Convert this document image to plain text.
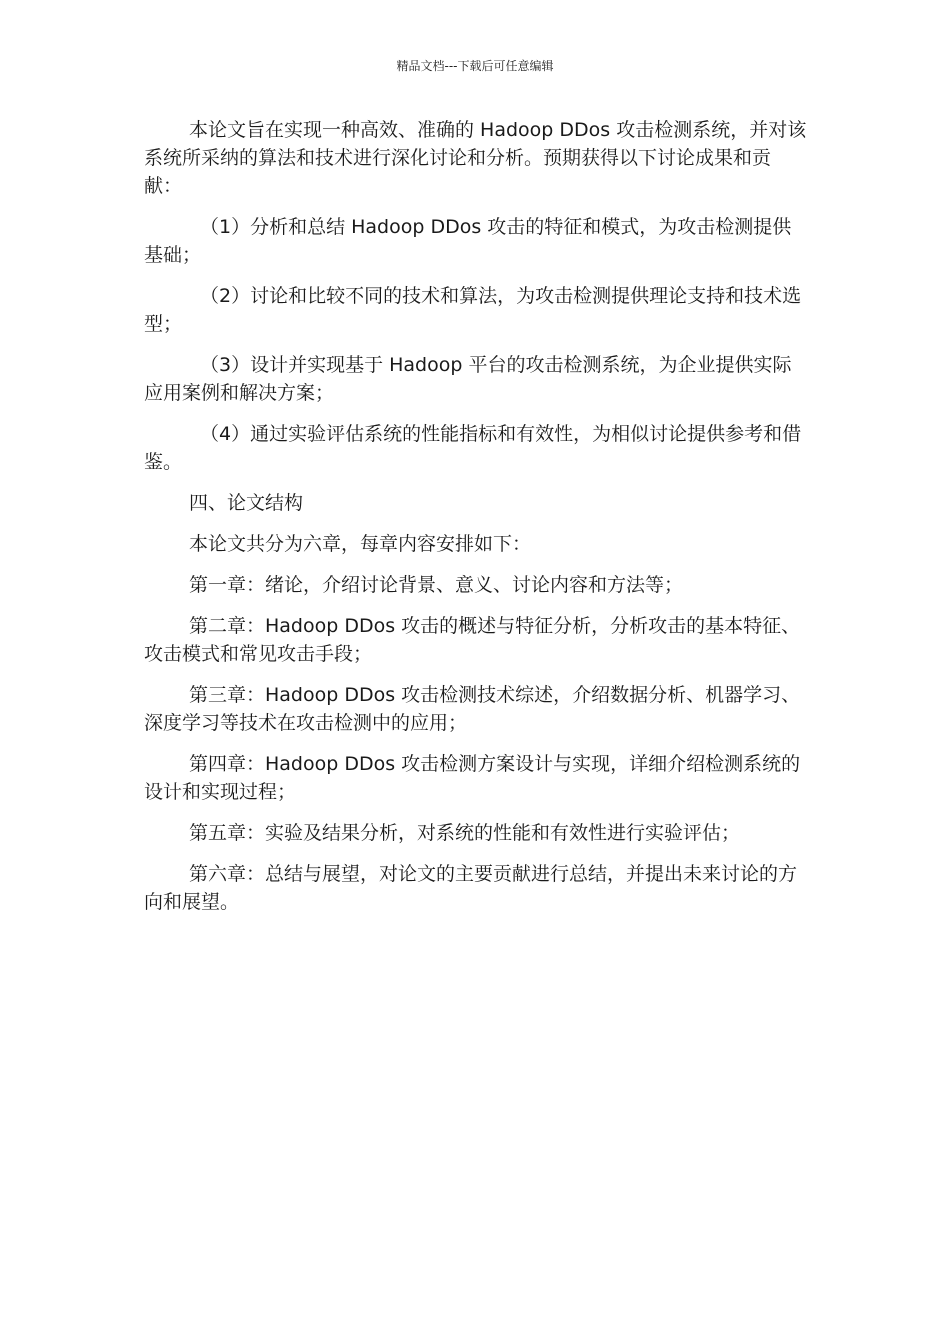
精品文档---下载后可任意编辑

本论文旨在实现一种高效、准确的 Hadoop DDos 攻击检测系统，并对该系统所采纳的算法和技术进行深化讨论和分析。预期获得以下讨论成果和贡献：

（1）分析和总结 Hadoop DDos 攻击的特征和模式，为攻击检测提供基础；

（2）讨论和比较不同的技术和算法，为攻击检测提供理论支持和技术选型；

（3）设计并实现基于 Hadoop 平台的攻击检测系统，为企业提供实际应用案例和解决方案；

（4）通过实验评估系统的性能指标和有效性，为相似讨论提供参考和借鉴。

四、论文结构

本论文共分为六章，每章内容安排如下：

第一章：绪论，介绍讨论背景、意义、讨论内容和方法等；

第二章：Hadoop DDos 攻击的概述与特征分析，分析攻击的基本特征、攻击模式和常见攻击手段；

第三章：Hadoop DDos 攻击检测技术综述，介绍数据分析、机器学习、深度学习等技术在攻击检测中的应用；

第四章：Hadoop DDos 攻击检测方案设计与实现，详细介绍检测系统的设计和实现过程；

第五章：实验及结果分析，对系统的性能和有效性进行实验评估；

第六章：总结与展望，对论文的主要贡献进行总结，并提出未来讨论的方向和展望。
